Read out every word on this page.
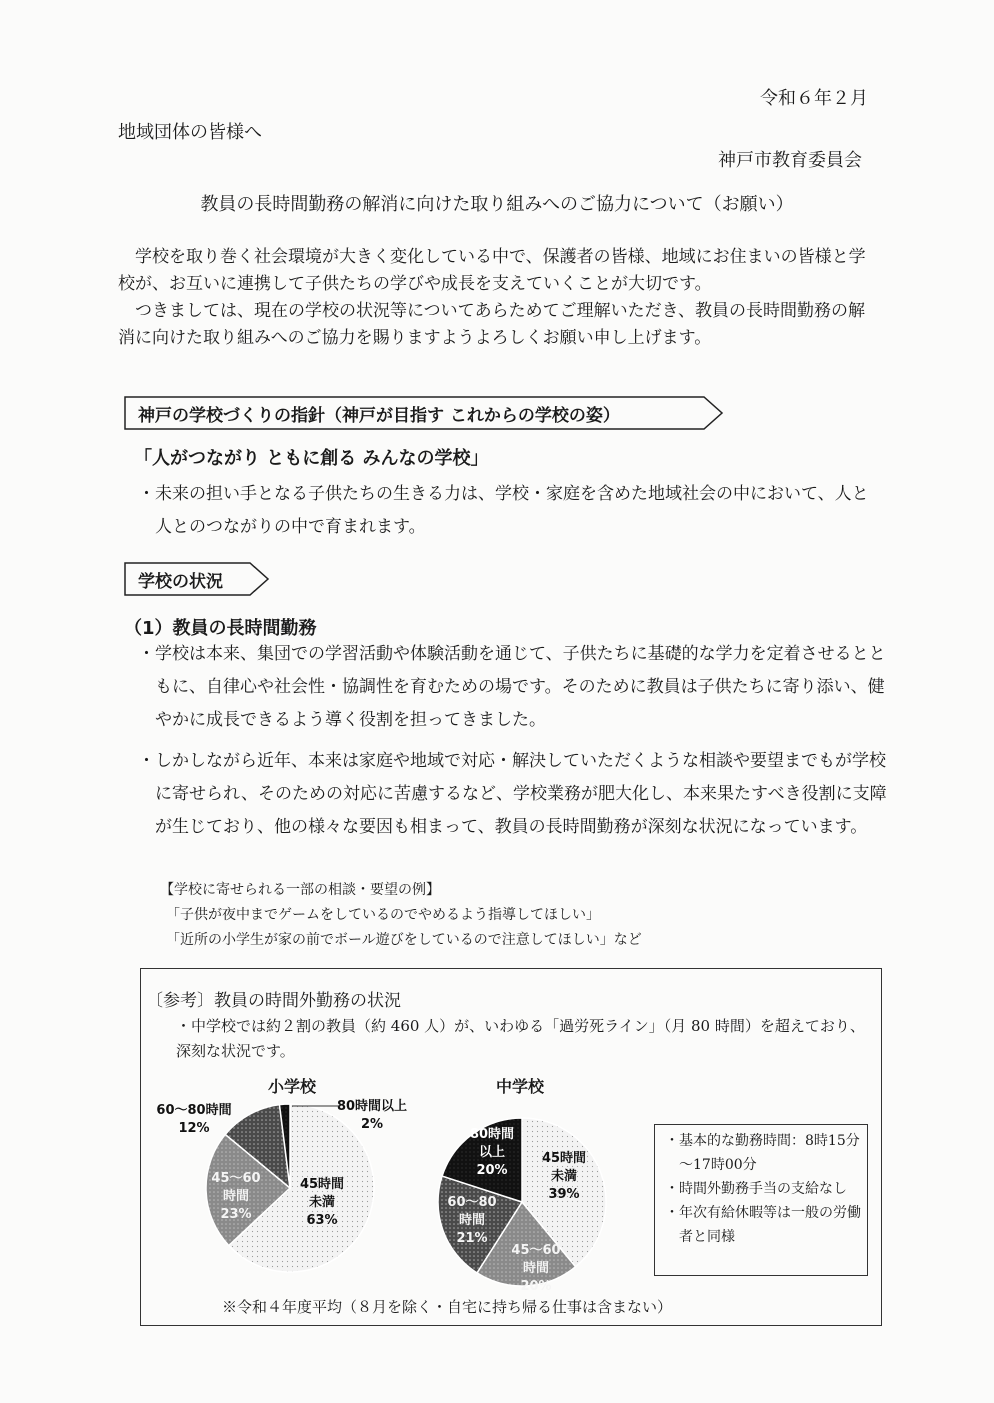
令和６年２月
地域団体の皆様へ
神戸市教育委員会
教員の長時間勤務の解消に向けた取り組みへのご協力について（お願い）

学校を取り巻く社会環境が大きく変化している中で、保護者の皆様、地域にお住まいの皆様と学校が、お互いに連携して子供たちの学びや成長を支えていくことが大切です。

つきましては、現在の学校の状況等についてあらためてご理解いただき、教員の長時間勤務の解消に向けた取り組みへのご協力を賜りますようよろしくお願い申し上げます。

神戸の学校づくりの指針（神戸が目指す これからの学校の姿）
「人がつながり ともに創る みんなの学校」
・未来の担い手となる子供たちの生きる力は、学校・家庭を含めた地域社会の中において、人と人とのつながりの中で育まれます。
学校の状況
（1）教員の長時間勤務
・学校は本来、集団での学習活動や体験活動を通じて、子供たちに基礎的な学力を定着させるとともに、自律心や社会性・協調性を育むための場です。そのために教員は子供たちに寄り添い、健やかに成長できるよう導く役割を担ってきました。
・しかしながら近年、本来は家庭や地域で対応・解決していただくような相談や要望までもが学校に寄せられ、そのための対応に苦慮するなど、学校業務が肥大化し、本来果たすべき役割に支障が生じており、他の様々な要因も相まって、教員の長時間勤務が深刻な状況になっています。
【学校に寄せられる一部の相談・要望の例】
「子供が夜中までゲームをしているのでやめるよう指導してほしい」
「近所の小学生が家の前でボール遊びをしているので注意してほしい」など
〔参考〕教員の時間外勤務の状況
・中学校では約２割の教員（約 460 人）が、いわゆる「過労死ライン」（月 80 時間）を超えており、深刻な状況です。
小学校	中学校
45時間
未満
63%
45～60
時間
23%
60～80時間
12%
80時間以上
2%
45時間
未満
39%
45～60
時間
20%
60～80
時間
21%
80時間
以上
20%
・基本的な勤務時間：8時15分～17時00分
・時間外勤務手当の支給なし
・年次有給休暇等は一般の労働者と同様
※令和４年度平均（８月を除く・自宅に持ち帰る仕事は含まない）
